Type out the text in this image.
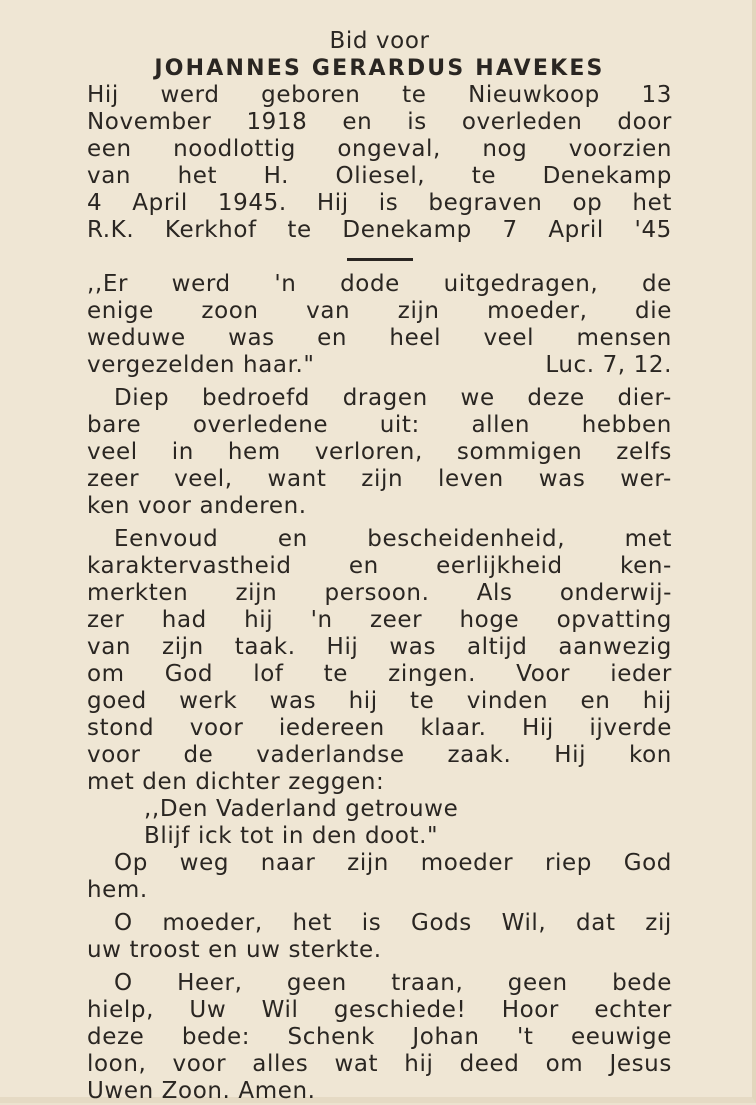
Bid voor
JOHANNES GERARDUS HAVEKES
Hij werd geboren te Nieuwkoop 13
November 1918 en is overleden door
een noodlottig ongeval, nog voorzien
van het H. Oliesel, te Denekamp
4 April 1945. Hij is begraven op het
R.K. Kerkhof te Denekamp 7 April '45
,,Er werd 'n dode uitgedragen, de
enige zoon van zijn moeder, die
weduwe was en heel veel mensen
vergezelden haar."	Luc. 7, 12.
Diep bedroefd dragen we deze dier-
bare overledene uit: allen hebben
veel in hem verloren, sommigen zelfs
zeer veel, want zijn leven was wer-
ken voor anderen.
Eenvoud	en	bescheidenheid,	met
karaktervastheid en eerlijkheid ken-
merkten zijn persoon. Als onderwij-
zer had hij 'n zeer hoge opvatting
van zijn taak. Hij was altijd aanwezig
om God lof te zingen. Voor ieder
goed werk was hij te vinden en hij
stond voor iedereen klaar. Hij ijverde
voor de vaderlandse zaak. Hij kon
met den dichter zeggen:
,,Den Vaderland getrouwe
Blijf ick tot in den doot."
Op weg naar zijn moeder riep God
hem.
O moeder, het is Gods Wil, dat zij
uw troost en uw sterkte.
O Heer, geen traan, geen bede
hielp, Uw Wil geschiede! Hoor echter
deze bede: Schenk Johan 't eeuwige
loon, voor alles wat hij deed om Jesus
Uwen Zoon. Amen.
